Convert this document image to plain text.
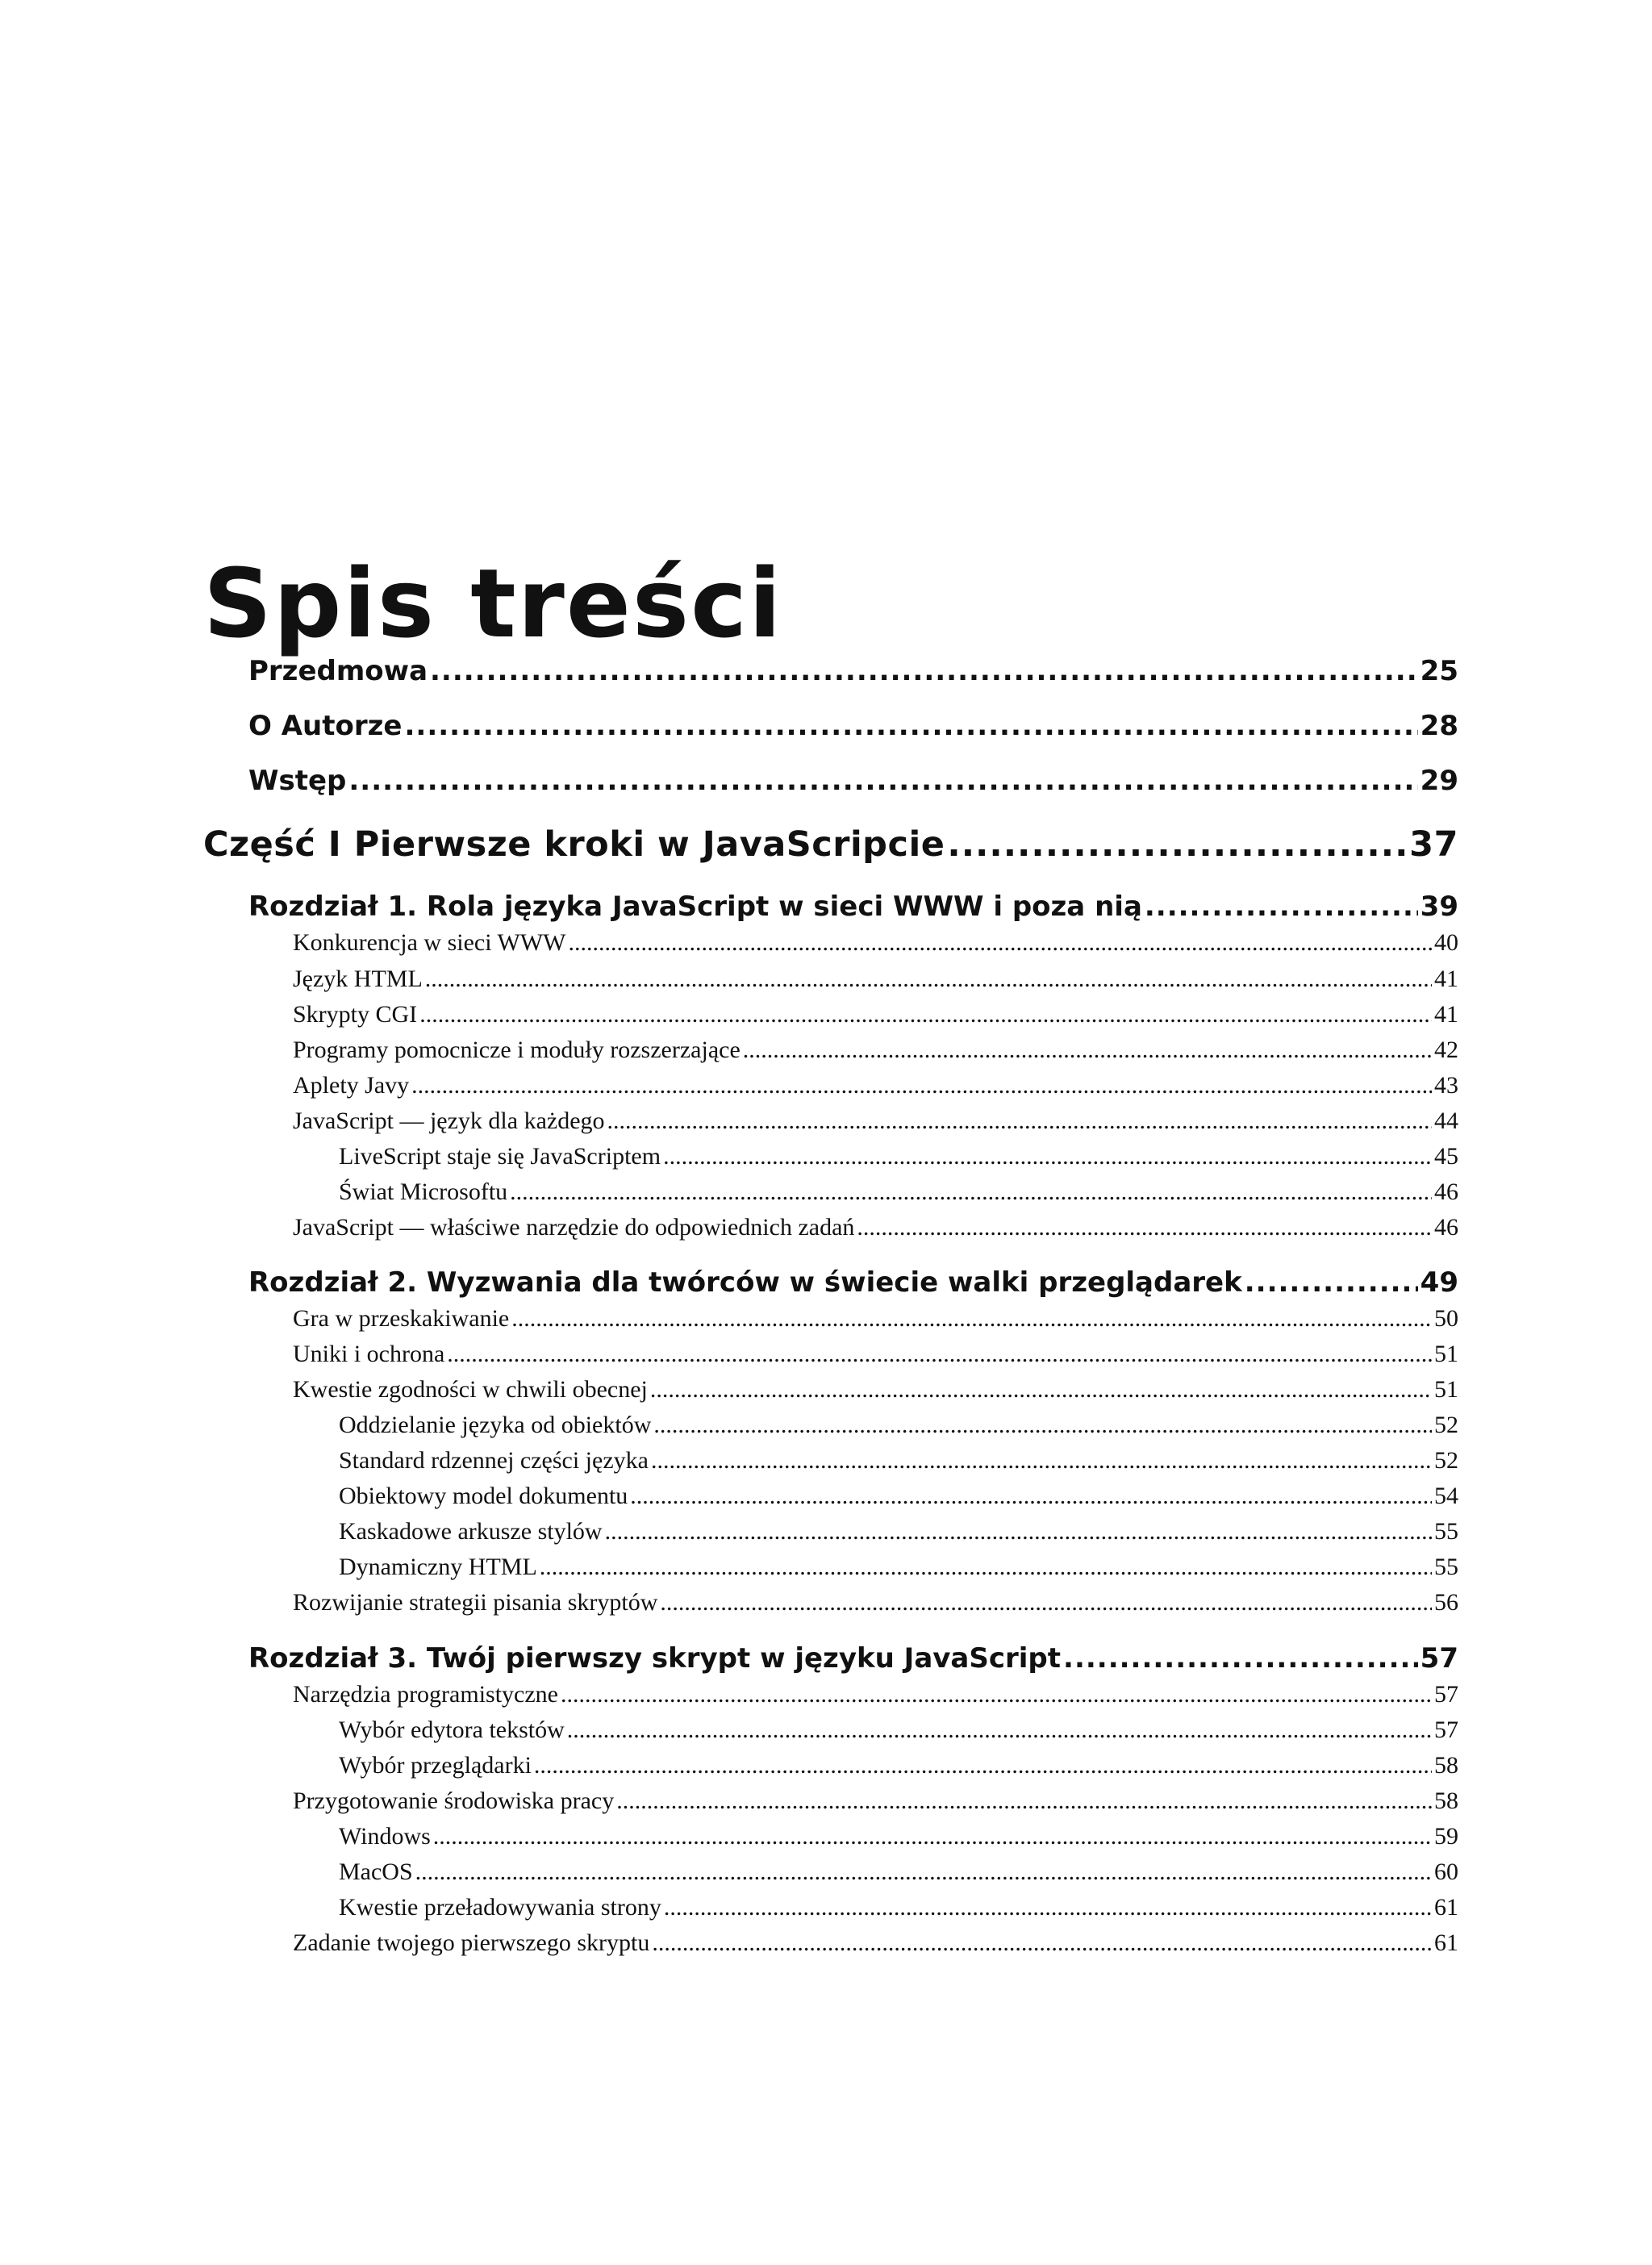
Spis treści
Przedmowa .....	25
O Autorze .....	28
Wstęp .....	29
Część I Pierwsze kroki w JavaScripcie .....	37
Rozdział 1. Rola języka JavaScript w sieci WWW i poza nią .....	39
Konkurencja w sieci WWW .....	40
Język HTML .....	41
Skrypty CGI .....	41
Programy pomocnicze i moduły rozszerzające .....	42
Aplety Javy .....	43
JavaScript — język dla każdego .....	44
LiveScript staje się JavaScriptem .....	45
Świat Microsoftu .....	46
JavaScript — właściwe narzędzie do odpowiednich zadań .....	46
Rozdział 2. Wyzwania dla twórców w świecie walki przeglądarek .....	49
Gra w przeskakiwanie .....	50
Uniki i ochrona .....	51
Kwestie zgodności w chwili obecnej .....	51
Oddzielanie języka od obiektów .....	52
Standard rdzennej części języka .....	52
Obiektowy model dokumentu .....	54
Kaskadowe arkusze stylów .....	55
Dynamiczny HTML .....	55
Rozwijanie strategii pisania skryptów .....	56
Rozdział 3. Twój pierwszy skrypt w języku JavaScript .....	57
Narzędzia programistyczne .....	57
Wybór edytora tekstów .....	57
Wybór przeglądarki .....	58
Przygotowanie środowiska pracy .....	58
Windows .....	59
MacOS .....	60
Kwestie przeładowywania strony .....	61
Zadanie twojego pierwszego skryptu .....	61
